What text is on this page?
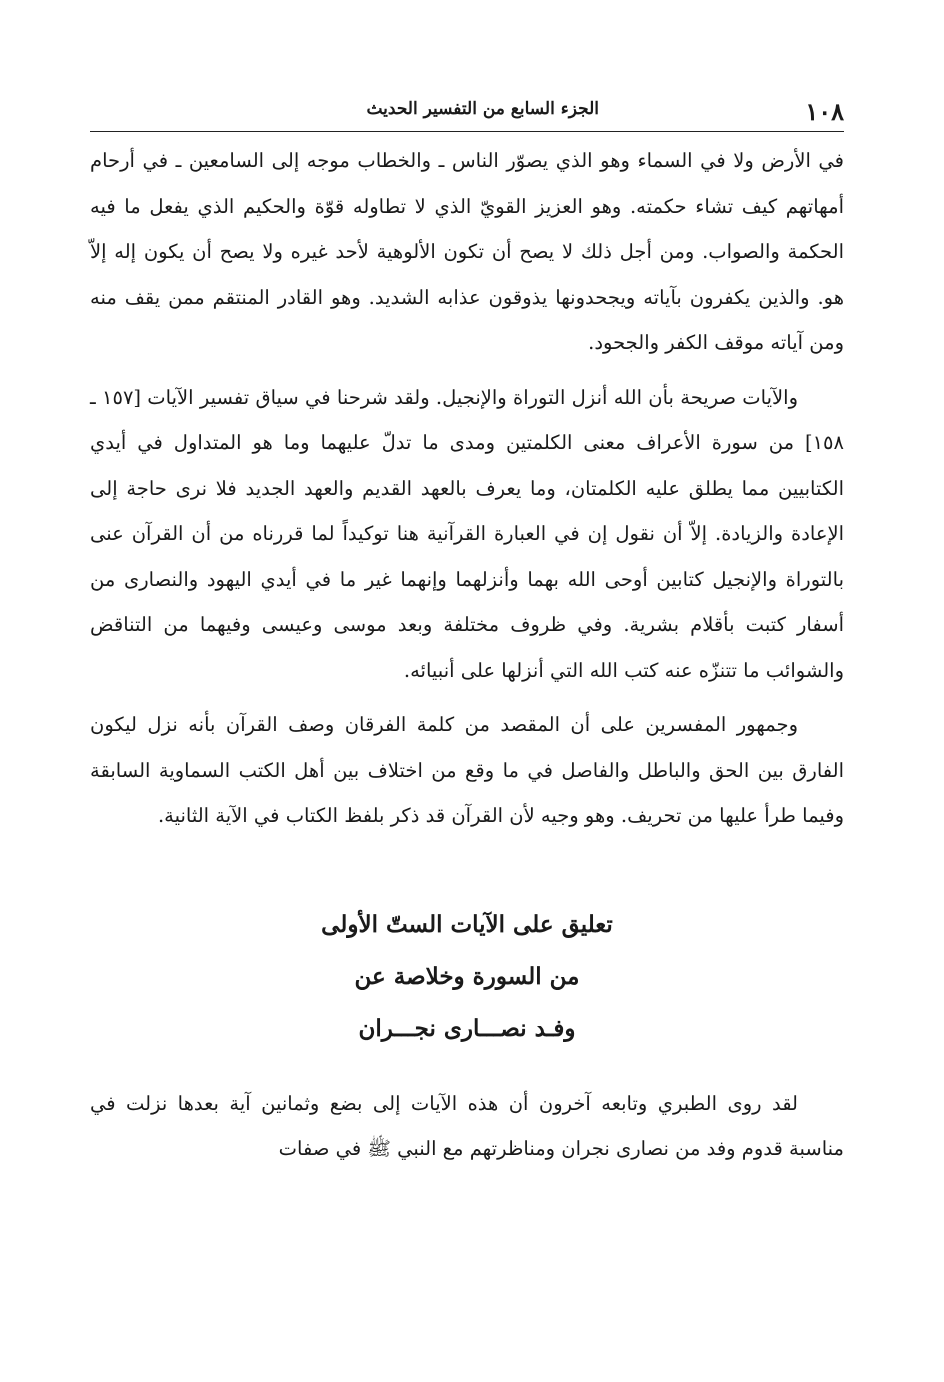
١٠٨
الجزء السابع من التفسير الحديث

في الأرض ولا في السماء وهو الذي يصوّر الناس ـ والخطاب موجه إلى السامعين ـ في أرحام أمهاتهم كيف تشاء حكمته. وهو العزيز القويّ الذي لا تطاوله قوّة والحكيم الذي يفعل ما فيه الحكمة والصواب. ومن أجل ذلك لا يصح أن تكون الألوهية لأحد غيره ولا يصح أن يكون إله إلاّ هو. والذين يكفرون بآياته ويجحدونها يذوقون عذابه الشديد. وهو القادر المنتقم ممن يقف منه ومن آياته موقف الكفر والجحود.

والآيات صريحة بأن الله أنزل التوراة والإنجيل. ولقد شرحنا في سياق تفسير الآيات [١٥٧ ـ ١٥٨] من سورة الأعراف معنى الكلمتين ومدى ما تدلّ عليهما وما هو المتداول في أيدي الكتابيين مما يطلق عليه الكلمتان، وما يعرف بالعهد القديم والعهد الجديد فلا نرى حاجة إلى الإعادة والزيادة. إلاّ أن نقول إن في العبارة القرآنية هنا توكيداً لما قررناه من أن القرآن عنى بالتوراة والإنجيل كتابين أوحى الله بهما وأنزلهما وإنهما غير ما في أيدي اليهود والنصارى من أسفار كتبت بأقلام بشرية. وفي ظروف مختلفة وبعد موسى وعيسى وفيهما من التناقض والشوائب ما تتنزّه عنه كتب الله التي أنزلها على أنبيائه.

وجمهور المفسرين على أن المقصد من كلمة الفرقان وصف القرآن بأنه نزل ليكون الفارق بين الحق والباطل والفاصل في ما وقع من اختلاف بين أهل الكتب السماوية السابقة وفيما طرأ عليها من تحريف. وهو وجيه لأن القرآن قد ذكر بلفظ الكتاب في الآية الثانية.

تعليق على الآيات الستّ الأولى
من السورة وخلاصة عن
وفـد نصـــارى نجـــران

لقد روى الطبري وتابعه آخرون أن هذه الآيات إلى بضع وثمانين آية بعدها نزلت في مناسبة قدوم وفد من نصارى نجران ومناظرتهم مع النبي ﷺ في صفات
